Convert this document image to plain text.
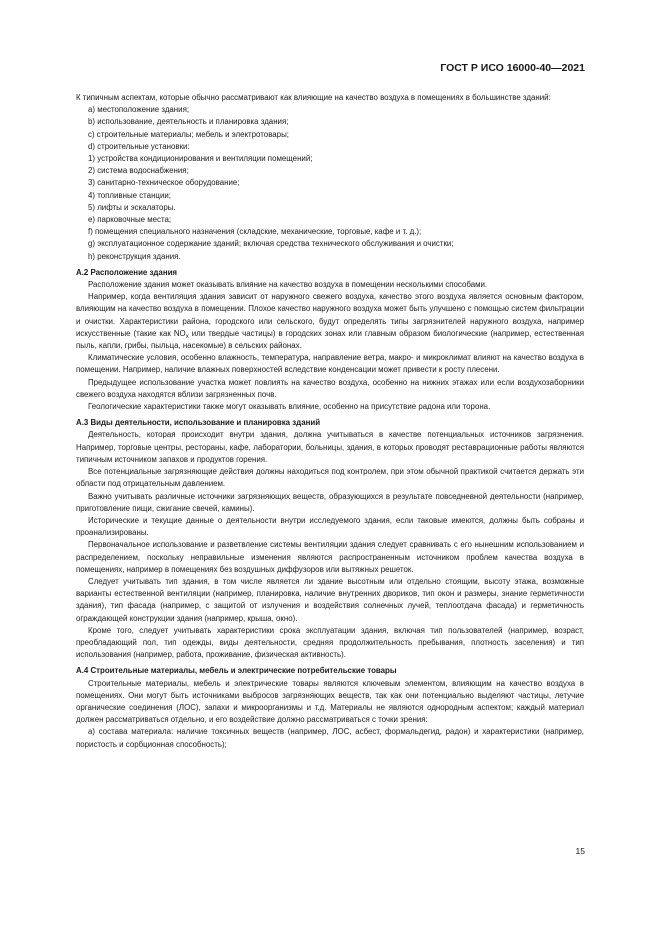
ГОСТ Р ИСО 16000-40—2021

К типичным аспектам, которые обычно рассматривают как влияющие на качество воздуха в помещениях в большинстве зданий:

a) местоположение здания;

b) использование, деятельность и планировка здания;

c) строительные материалы; мебель и электротовары;

d) строительные установки:

1) устройства кондиционирования и вентиляции помещений;

2) система водоснабжения;

3) санитарно-техническое оборудование;

4) топливные станции;

5) лифты и эскалаторы.

e) парковочные места;

f) помещения специального назначения (складские, механические, торговые, кафе и т. д.);

g) эксплуатационное содержание зданий; включая средства технического обслуживания и очистки;

h) реконструкция здания.

А.2 Расположение здания

Расположение здания может оказывать влияние на качество воздуха в помещении несколькими способами.

Например, когда вентиляция здания зависит от наружного свежего воздуха, качество этого воздуха является основным фактором, влияющим на качество воздуха в помещении. Плохое качество наружного воздуха может быть улучшено с помощью систем фильтрации и очистки. Характеристики района, городского или сельского, будут определять типы загрязнителей наружного воздуха, например искусственные (такие как $NO_x$ или твердые частицы) в городских зонах или главным образом биологические (например, естественная пыль, капли, грибы, пыльца, насекомые) в сельских районах.

Климатические условия, особенно влажность, температура, направление ветра, макро- и микроклимат влияют на качество воздуха в помещении. Например, наличие влажных поверхностей вследствие конденсации может привести к росту плесени.

Предыдущее использование участка может повлиять на качество воздуха, особенно на нижних этажах или если воздухозаборники свежего воздуха находятся вблизи загрязненных почв.

Геологические характеристики также могут оказывать влияние, особенно на присутствие радона или торона.

А.3 Виды деятельности, использование и планировка зданий

Деятельность, которая происходит внутри здания, должна учитываться в качестве потенциальных источников загрязнения. Например, торговые центры, рестораны, кафе, лаборатории, больницы, здания, в которых проводят реставрационные работы являются типичным источником запахов и продуктов горения.

Все потенциальные загрязняющие действия должны находиться под контролем, при этом обычной практикой считается держать эти области под отрицательным давлением.

Важно учитывать различные источники загрязняющих веществ, образующихся в результате повседневной деятельности (например, приготовление пищи, сжигание свечей, камины).

Исторические и текущие данные о деятельности внутри исследуемого здания, если таковые имеются, должны быть собраны и проанализированы.

Первоначальное использование и разветвление системы вентиляции здания следует сравнивать с его нынешним использованием и распределением, поскольку неправильные изменения являются распространенным источником проблем качества воздуха в помещениях, например в помещениях без воздушных диффузоров или вытяжных решеток.

Следует учитывать тип здания, в том числе является ли здание высотным или отдельно стоящим, высоту этажа, возможные варианты естественной вентиляции (например, планировка, наличие внутренних двориков, тип окон и размеры, знание герметичности здания), тип фасада (например, с защитой от излучения и воздействия солнечных лучей, теплоотдача фасада) и герметичность ограждающей конструкции здания (например, крыша, окно).

Кроме того, следует учитывать характеристики срока эксплуатации здания, включая тип пользователей (например, возраст, преобладающий пол, тип одежды, виды деятельности, средняя продолжительность пребывания, плотность заселения) и тип использования (например, работа, проживание, физическая активность).

А.4 Строительные материалы, мебель и электрические потребительские товары

Строительные материалы, мебель и электрические товары являются ключевым элементом, влияющим на качество воздуха в помещениях. Они могут быть источниками выбросов загрязняющих веществ, так как они потенциально выделяют частицы, летучие органические соединения (ЛОС), запахи и микроорганизмы и т.д. Материалы не являются однородным аспектом; каждый материал должен рассматриваться отдельно, и его воздействие должно рассматриваться с точки зрения:

a) состава материала: наличие токсичных веществ (например, ЛОС, асбест, формальдегид, радон) и характеристики (например, пористость и сорбционная способность);

15
